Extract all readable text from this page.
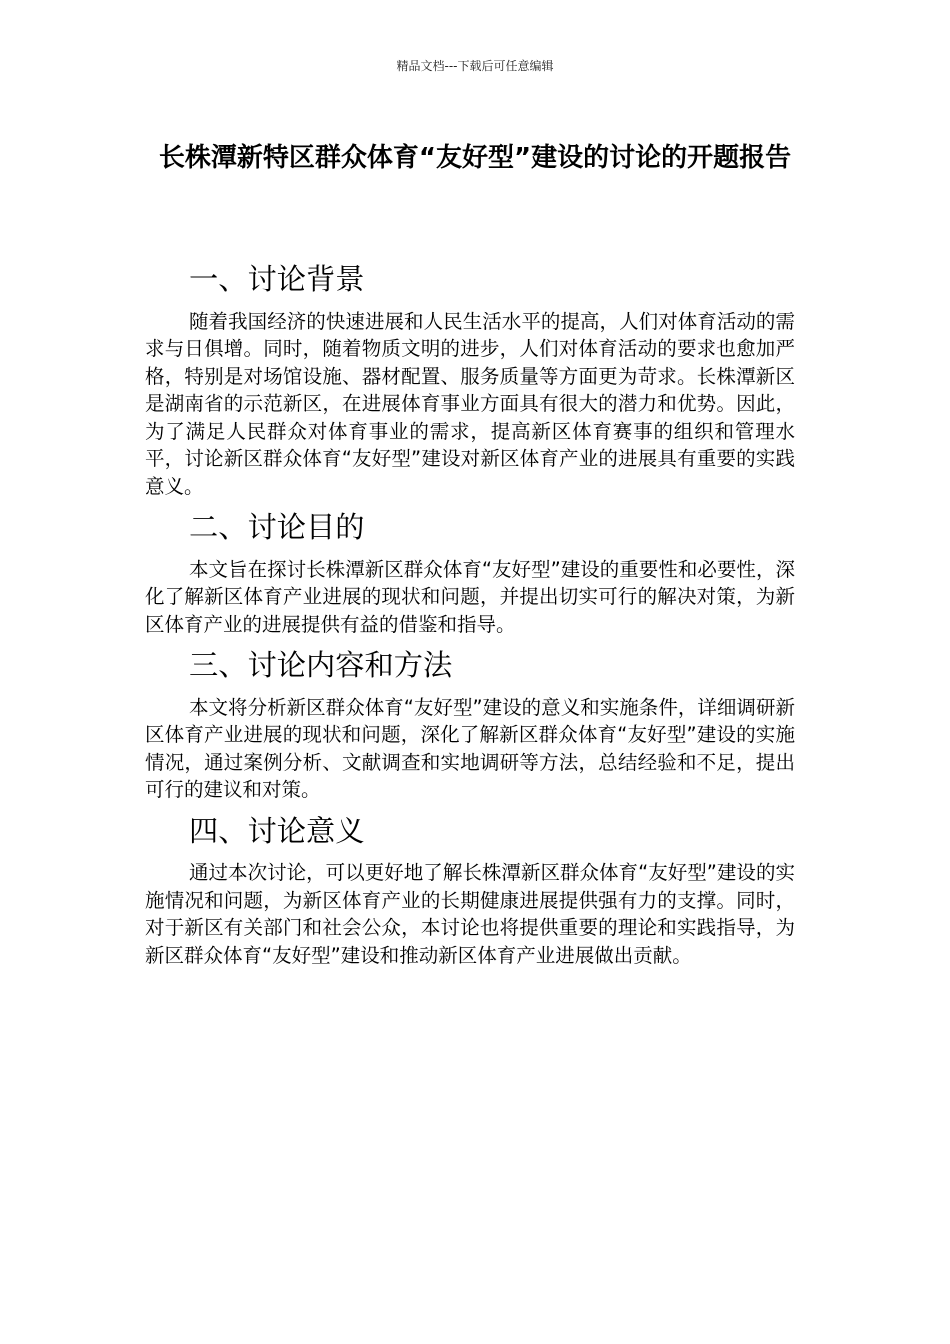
精品文档---下载后可任意编辑
长株潭新特区群众体育“友好型”建设的讨论的开题报告
一、讨论背景

随着我国经济的快速进展和人民生活水平的提高，人们对体育活动的需求与日俱增。同时，随着物质文明的进步，人们对体育活动的要求也愈加严格，特别是对场馆设施、器材配置、服务质量等方面更为苛求。长株潭新区是湖南省的示范新区，在进展体育事业方面具有很大的潜力和优势。因此，为了满足人民群众对体育事业的需求，提高新区体育赛事的组织和管理水平，讨论新区群众体育“友好型”建设对新区体育产业的进展具有重要的实践意义。

二、讨论目的

本文旨在探讨长株潭新区群众体育“友好型”建设的重要性和必要性，深化了解新区体育产业进展的现状和问题，并提出切实可行的解决对策，为新区体育产业的进展提供有益的借鉴和指导。

三、讨论内容和方法

本文将分析新区群众体育“友好型”建设的意义和实施条件，详细调研新区体育产业进展的现状和问题，深化了解新区群众体育“友好型”建设的实施情况，通过案例分析、文献调查和实地调研等方法，总结经验和不足，提出可行的建议和对策。

四、讨论意义

通过本次讨论，可以更好地了解长株潭新区群众体育“友好型”建设的实施情况和问题，为新区体育产业的长期健康进展提供强有力的支撑。同时，对于新区有关部门和社会公众，本讨论也将提供重要的理论和实践指导，为新区群众体育“友好型”建设和推动新区体育产业进展做出贡献。
